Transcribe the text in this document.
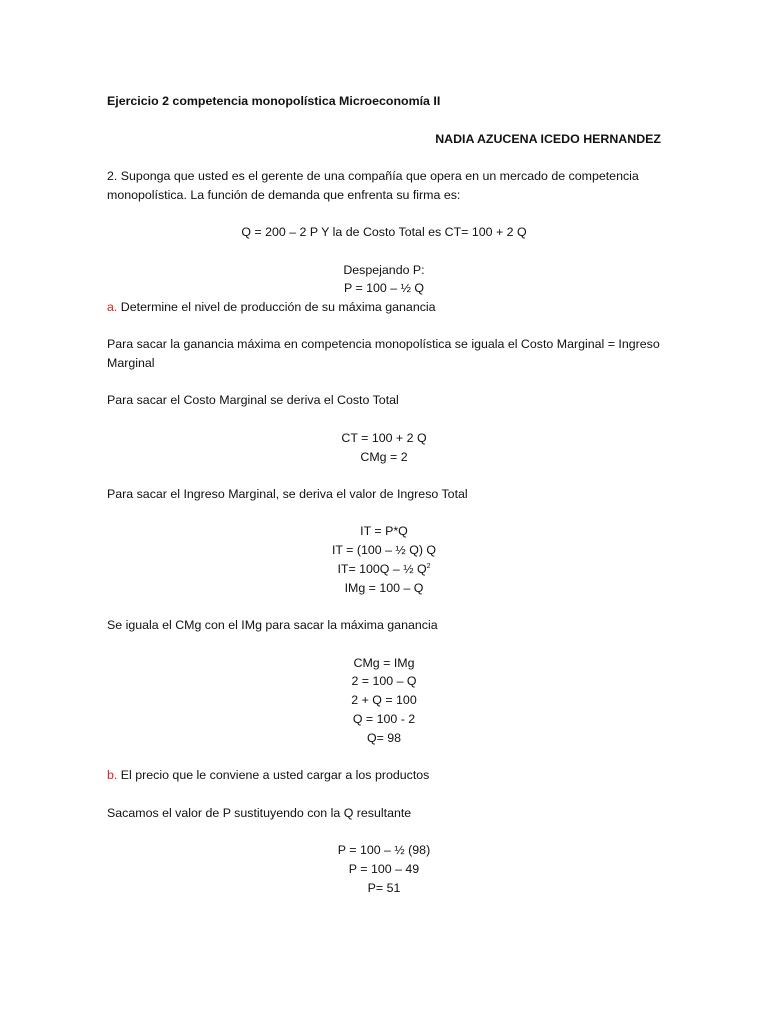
Ejercicio 2 competencia monopolística Microeconomía II
NADIA AZUCENA ICEDO HERNANDEZ
2. Suponga que usted es el gerente de una compañía que opera en un mercado de competencia
monopolística. La función de demanda que enfrenta su firma es:
Q = 200 – 2 P Y la de Costo Total es CT= 100 + 2 Q
Despejando P:
P = 100 – ½ Q
a. Determine el nivel de producción de su máxima ganancia
Para sacar la ganancia máxima en competencia monopolística se iguala el Costo Marginal = Ingreso
Marginal
Para sacar el Costo Marginal se deriva el Costo Total
CT = 100 + 2 Q
CMg = 2
Para sacar el Ingreso Marginal, se deriva el valor de Ingreso Total
IT = P*Q
IT = (100 – ½ Q) Q
IT= 100Q – ½ $Q^2$
IMg = 100 – Q
Se iguala el CMg con el IMg para sacar la máxima ganancia
CMg = IMg
2 = 100 – Q
2 + Q = 100
Q = 100 - 2
Q= 98
b. El precio que le conviene a usted cargar a los productos
Sacamos el valor de P sustituyendo con la Q resultante
P = 100 – ½ (98)
P = 100 – 49
P= 51
